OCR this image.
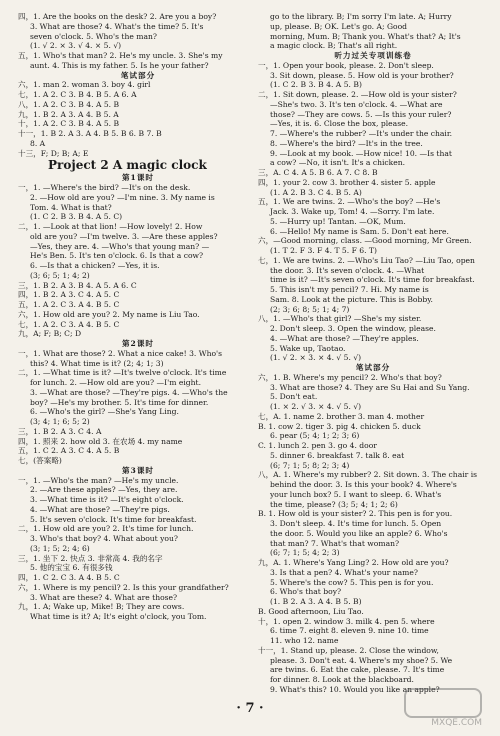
四，1. Are the books on the desk? 2. Are you a boy?
3. What are those? 4. What's the time? 5. It's
seven o'clock. 5. Who's the man?
(1. √ 2. × 3. √ 4. × 5. √)
五，1. Who's that man? 2. He's my uncle. 3. She's my
aunt. 4. This is my father. 5. Is he your father?
笔试部分
六，1. man 2. woman 3. boy 4. girl
七，1. A 2. C 3. B 4. B 5. A 6. A
八，1. A 2. C 3. B 4. A 5. B
九，1. B 2. A 3. A 4. B 5. A
十，1. A 2. C 3. B 4. A 5. B
十一，1. B 2. A 3. A 4. B 5. B 6. B 7. B
8. A
十三，F; D; B; A; E
Project 2 A magic clock
第1课时
一，1. —Where's the bird? —It's on the desk.
2. —How old are you? —I'm nine. 3. My name is
Tom. 4. What is that?
(1. C 2. B 3. B 4. A 5. C)
二，1. —Look at that lion! —How lovely! 2. How
old are you? —I'm twelve. 3. —Are these apples?
—Yes, they are. 4. —Who's that young man? —
He's Ben. 5. It's ten o'clock. 6. Is that a cow?
6. —Is that a chicken? —Yes, it is.
(3; 6; 5; 1; 4; 2)
三，1. B 2. A 3. B 4. A 5. A 6. C
四，1. B 2. A 3. C 4. A 5. C
五，1. A 2. C 3. A 4. B 5. C
六，1. How old are you? 2. My name is Liu Tao.
七，1. A 2. C 3. A 4. B 5. C
九，A; F; B; C; D
第2课时
一，1. What are those? 2. What a nice cake! 3. Who's
this? 4. What time is it? (2; 4; 1; 3)
二，1. —What time is it? —It's twelve o'clock. It's time
for lunch. 2. —How old are you? —I'm eight.
3. —What are those? —They're pigs. 4. —Who's the
boy? —He's my brother. 5. It's time for dinner.
6. —Who's the girl? —She's Yang Ling.
(3; 4; 1; 6; 5; 2)
三，1. B 2. A 3. C 4. A
四，1. 照来 2. how old 3. 在农场 4. my name
五，1. C 2. A 3. C 4. A 5. B
七，(答案略)
第3课时
一，1. —Who's the man? —He's my uncle.
2. —Are these apples? —Yes, they are.
3. —What time is it? —It's eight o'clock.
4. —What are those? —They're pigs.
5. It's seven o'clock. It's time for breakfast.
二，1. How old are you? 2. It's time for lunch.
3. Who's that boy? 4. What about you?
(3; 1; 5; 2; 4; 6)
三，1. 坐下 2. 快点 3. 非常高 4. 我的名字
5. 他的宝宝 6. 有很多钱
四，1. C 2. C 3. A 4. B 5. C
六，1. Where is my pencil? 2. Is this your grandfather?
3. What are these? 4. What are those?
九，1. A; Wake up, Mike! B; They are cows.
What time is it? A; It's eight o'clock, you Tom.
go to the library. B; I'm sorry I'm late. A; Hurry
up, please. B; OK. Let's go. A; Good
morning, Mum. B; Thank you. What's that? A; It's
a magic clock. B; That's all right.
听力过关专项训练卷
一，1. Open your book, please. 2. Don't sleep.
3. Sit down, please. 5. How old is your brother?
(1. C 2. B 3. B 4. A 5. B)
二，1. Sit down, please. 2. —How old is your sister?
—She's two. 3. It's ten o'clock. 4. —What are
those? —They are cows. 5. —Is this your ruler?
—Yes, it is. 6. Close the box, please.
7. —Where's the rubber? —It's under the chair.
8. —Where's the bird? —It's in the tree.
9. —Look at my book. —How nice! 10. —Is that
a cow? —No, it isn't. It's a chicken.
三，A. C 4. A 5. B 6. A 7. C 8. B
四，1. your 2. cow 3. brother 4. sister 5. apple
(1. A 2. B 3. C 4. B 5. A)
五，1. We are twins. 2. —Who's the boy? —He's
Jack. 3. Wake up, Tom! 4. —Sorry. I'm late.
5. —Hurry up! Tantan. —OK, Mum.
6. —Hello! My name is Sam. 5. Don't eat here.
六，—Good morning, class. —Good morning, Mr Green.
(1. T 2. F 3. F 4. T 5. F 6. T)
七，1. We are twins. 2. —Who's Liu Tao? —Liu Tao, open
the door. 3. It's seven o'clock. 4. —What
time is it? —It's seven o'clock. It's time for breakfast.
5. This isn't my pencil? 7. Hi. My name is
Sam. 8. Look at the picture. This is Bobby.
(2; 3; 6; 8; 5; 1; 4; 7)
八，1. —Who's that girl? —She's my sister.
2. Don't sleep. 3. Open the window, please.
4. —What are those? —They're apples.
5. Wake up, Taotao.
(1. √ 2. × 3. × 4. √ 5. √)
笔试部分
六，1. B. Where's my pencil? 2. Who's that boy?
3. What are those? 4. They are Su Hai and Su Yang.
5. Don't eat.
(1. × 2. √ 3. × 4. √ 5. √)
七，A. 1. name 2. brother 3. man 4. mother
B. 1. cow 2. tiger 3. pig 4. chicken 5. duck
6. pear (5; 4; 1; 2; 3; 6)
C. 1. lunch 2. pen 3. go 4. door
5. dinner 6. breakfast 7. talk 8. eat
(6; 7; 1; 5; 8; 2; 3; 4)
八，A. 1. Where's my rubber? 2. Sit down. 3. The chair is
behind the door. 3. Is this your book? 4. Where's
your lunch box? 5. I want to sleep. 6. What's
the time, please? (3; 5; 4; 1; 2; 6)
B. 1. How old is your sister? 2. This pen is for you.
3. Don't sleep. 4. It's time for lunch. 5. Open
the door. 5. Would you like an apple? 6. Who's
that man? 7. What's that woman?
(6; 7; 1; 5; 4; 2; 3)
九，A. 1. Where's Yang Ling? 2. How old are you?
3. Is that a pen? 4. What's your name?
5. Where's the cow? 5. This pen is for you.
6. Who's that boy?
(1. B 2. A 3. A 4. B 5. B)
B. Good afternoon, Liu Tao.
十，1. open 2. window 3. milk 4. pen 5. where
6. time 7. eight 8. eleven 9. nine 10. time
11. who 12. name
十一，1. Stand up, please. 2. Close the window,
please. 3. Don't eat. 4. Where's my shoe? 5. We
are twins. 6. Eat the cake, please. 7. It's time
for dinner. 8. Look at the blackboard.
9. What's this? 10. Would you like an apple?
· 7 ·
MXQE.COM
